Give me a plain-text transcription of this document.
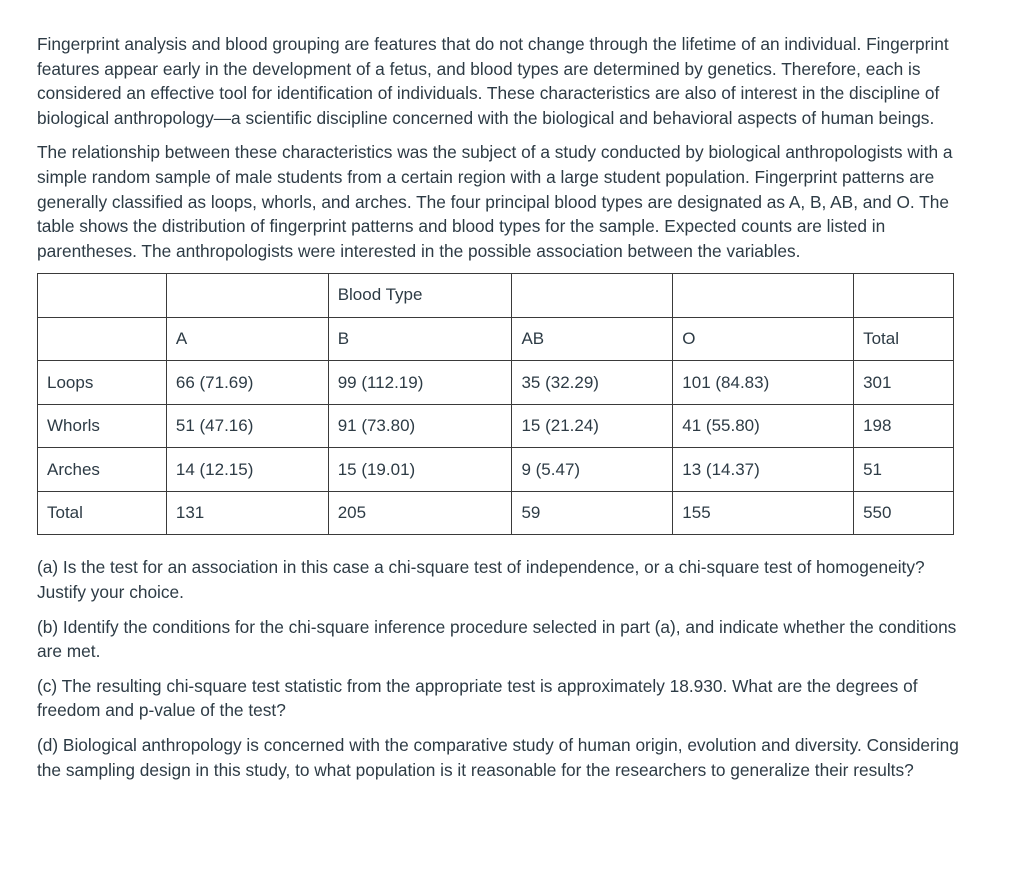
Fingerprint analysis and blood grouping are features that do not change through the lifetime of an individual. Fingerprint features appear early in the development of a fetus, and blood types are determined by genetics. Therefore, each is considered an effective tool for identification of individuals. These characteristics are also of interest in the discipline of biological anthropology—a scientific discipline concerned with the biological and behavioral aspects of human beings.

The relationship between these characteristics was the subject of a study conducted by biological anthropologists with a simple random sample of male students from a certain region with a large student population. Fingerprint patterns are generally classified as loops, whorls, and arches. The four principal blood types are designated as A, B, AB, and O. The table shows the distribution of fingerprint patterns and blood types for the sample. Expected counts are listed in parentheses. The anthropologists were interested in the possible association between the variables.

		Blood Type			
	A	B	AB	O	Total
Loops	66 (71.69)	99 (112.19)	35 (32.29)	101 (84.83)	301
Whorls	51 (47.16)	91 (73.80)	15 (21.24)	41 (55.80)	198
Arches	14 (12.15)	15 (19.01)	9 (5.47)	13 (14.37)	51
Total	131	205	59	155	550

(a) Is the test for an association in this case a chi-square test of independence, or a chi-square test of homogeneity? Justify your choice.

(b) Identify the conditions for the chi-square inference procedure selected in part (a), and indicate whether the conditions are met.

(c) The resulting chi-square test statistic from the appropriate test is approximately 18.930. What are the degrees of freedom and p-value of the test?

(d) Biological anthropology is concerned with the comparative study of human origin, evolution and diversity. Considering the sampling design in this study, to what population is it reasonable for the researchers to generalize their results?
